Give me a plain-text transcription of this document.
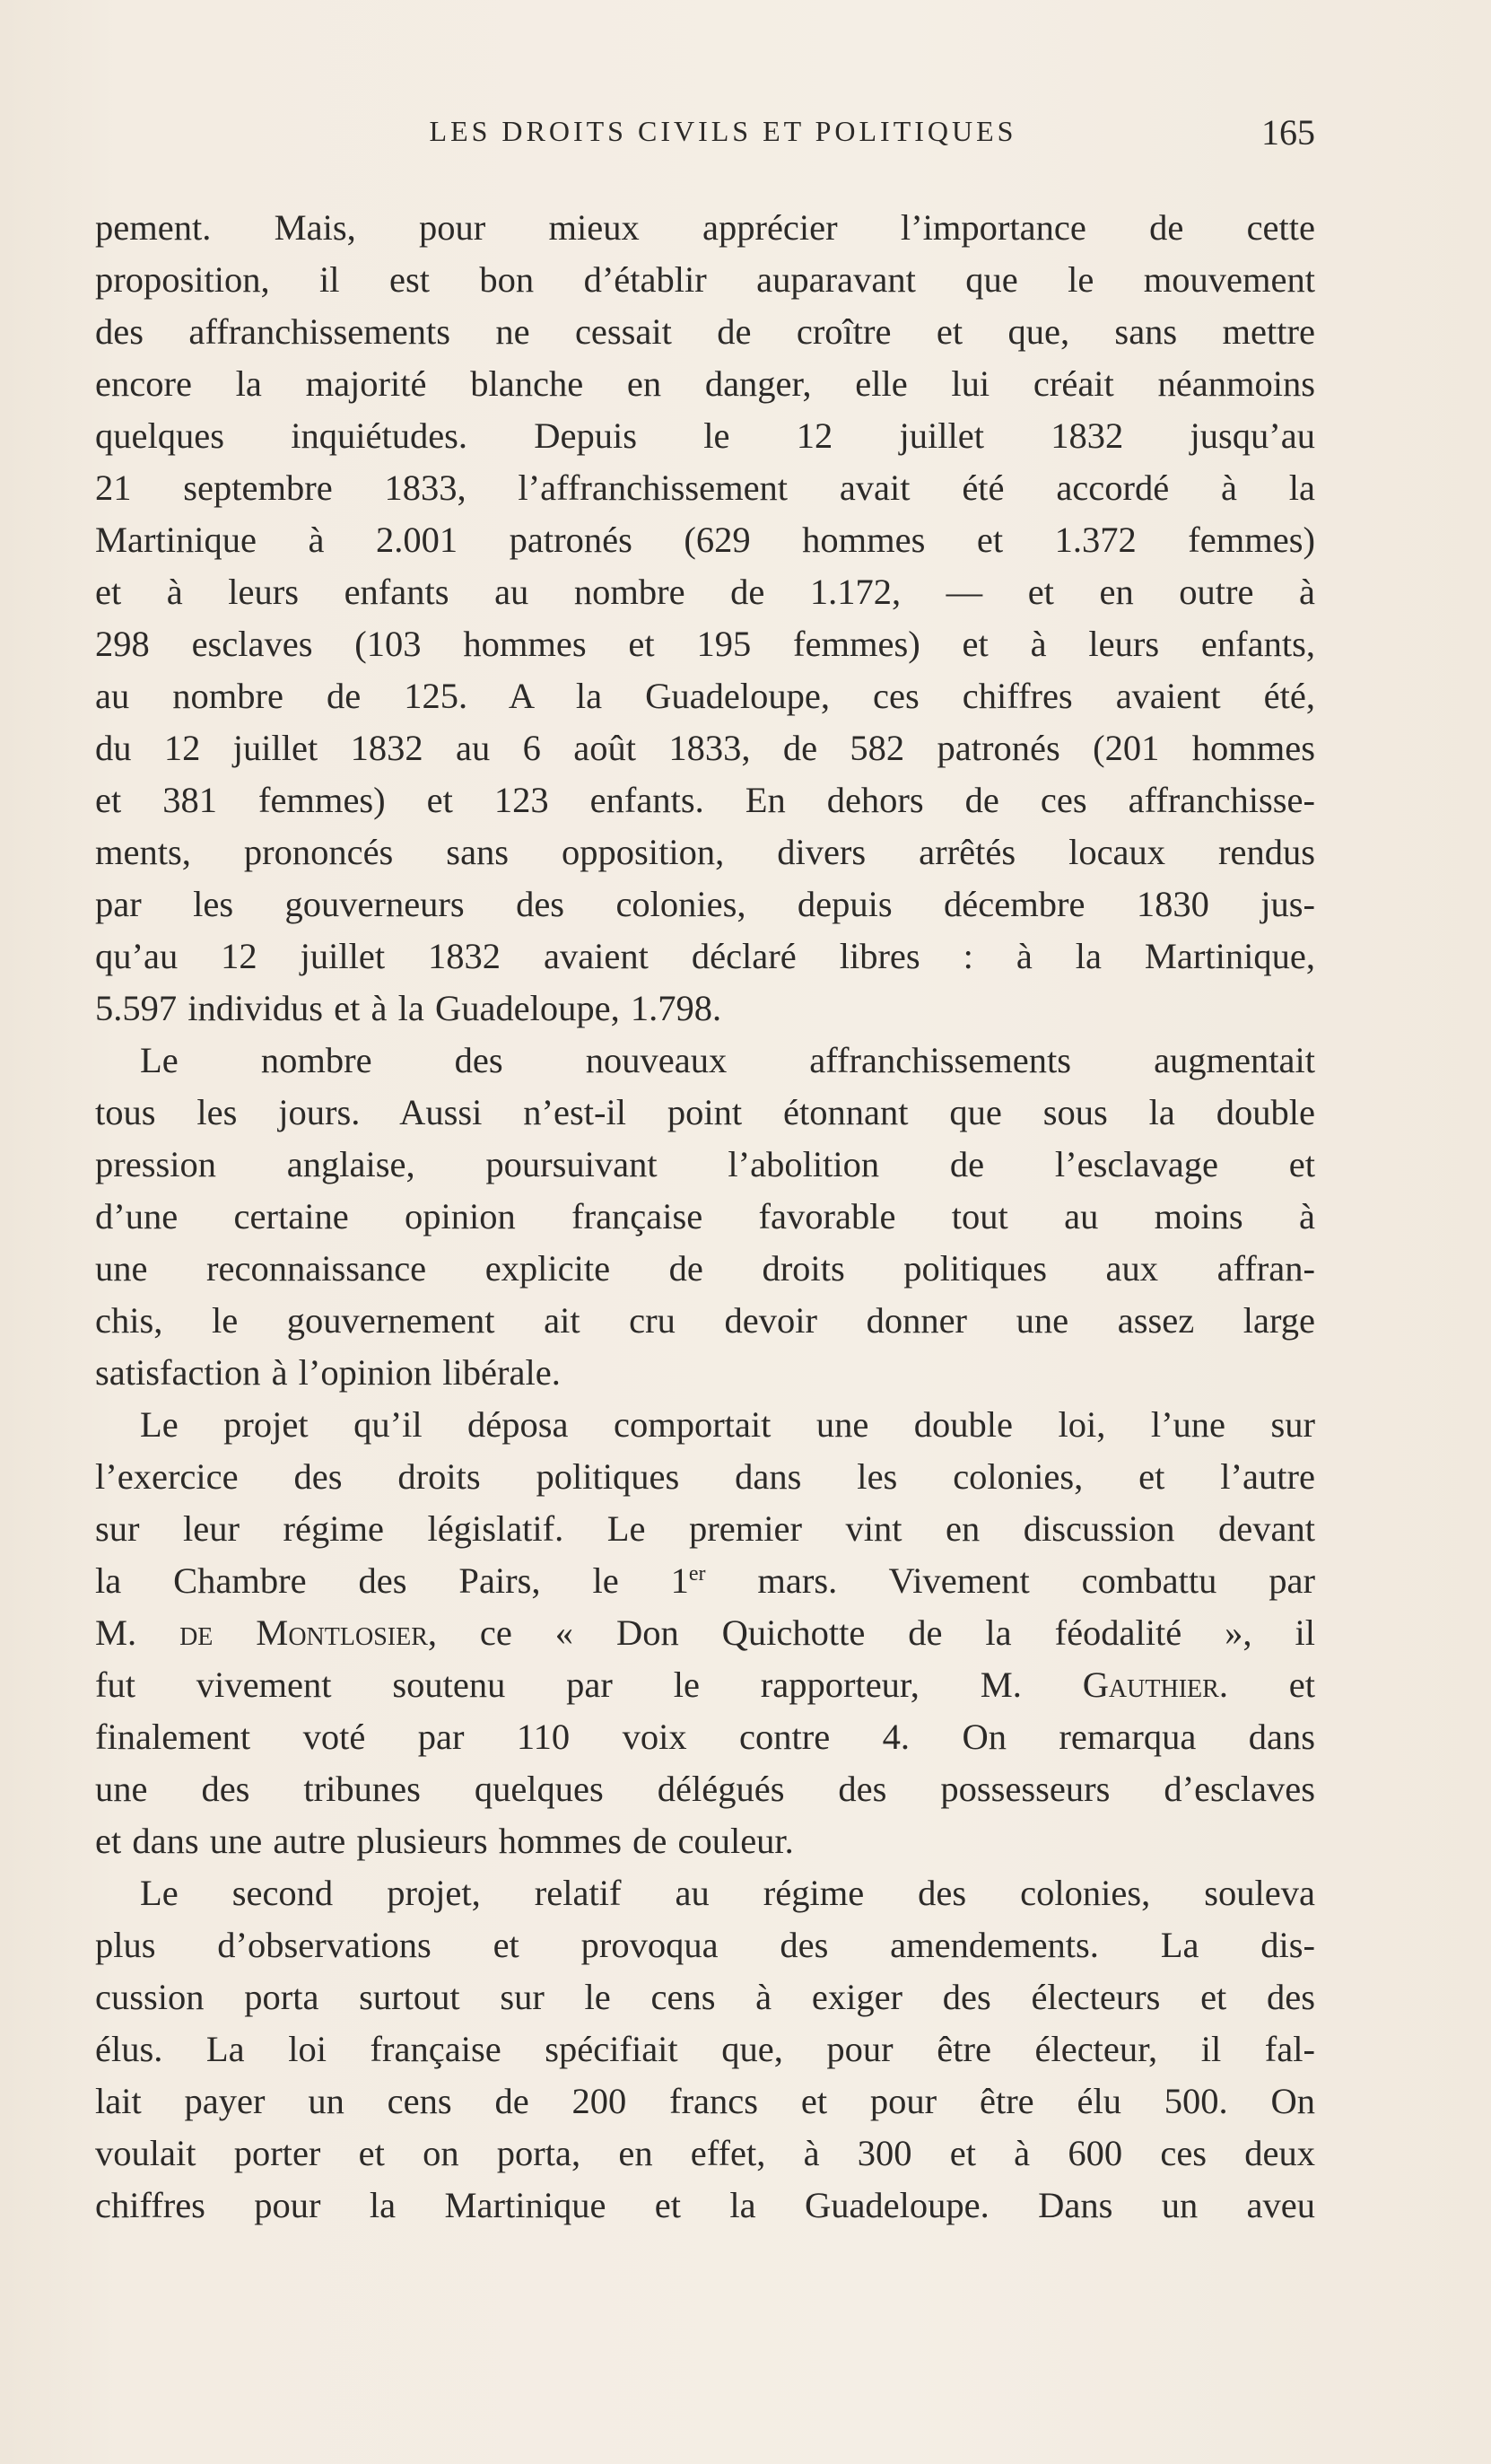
LES DROITS CIVILS ET POLITIQUES	165
pement. Mais, pour mieux apprécier l’importance de cette
proposition, il est bon d’établir auparavant que le mouvement
des affranchissements ne cessait de croître et que, sans mettre
encore la majorité blanche en danger, elle lui créait néanmoins
quelques inquiétudes. Depuis le 12 juillet 1832 jusqu’au
21 septembre 1833, l’affranchissement avait été accordé à la
Martinique à 2.001 patronés (629 hommes et 1.372 femmes)
et à leurs enfants au nombre de 1.172, — et en outre à
298 esclaves (103 hommes et 195 femmes) et à leurs enfants,
au nombre de 125. A la Guadeloupe, ces chiffres avaient été,
du 12 juillet 1832 au 6 août 1833, de 582 patronés (201 hommes
et 381 femmes) et 123 enfants. En dehors de ces affranchisse-
ments, prononcés sans opposition, divers arrêtés locaux rendus
par les gouverneurs des colonies, depuis décembre 1830 jus-
qu’au 12 juillet 1832 avaient déclaré libres : à la Martinique,
5.597 individus et à la Guadeloupe, 1.798.
Le nombre des nouveaux affranchissements augmentait
tous les jours. Aussi n’est-il point étonnant que sous la double
pression anglaise, poursuivant l’abolition de l’esclavage et
d’une certaine opinion française favorable tout au moins à
une reconnaissance explicite de droits politiques aux affran-
chis, le gouvernement ait cru devoir donner une assez large
satisfaction à l’opinion libérale.
Le projet qu’il déposa comportait une double loi, l’une sur
l’exercice des droits politiques dans les colonies, et l’autre
sur leur régime législatif. Le premier vint en discussion devant
la Chambre des Pairs, le 1er mars. Vivement combattu par
M. de Montlosier, ce « Don Quichotte de la féodalité », il
fut vivement soutenu par le rapporteur, M. Gauthier. et
finalement voté par 110 voix contre 4. On remarqua dans
une des tribunes quelques délégués des possesseurs d’esclaves
et dans une autre plusieurs hommes de couleur.
Le second projet, relatif au régime des colonies, souleva
plus d’observations et provoqua des amendements. La dis-
cussion porta surtout sur le cens à exiger des électeurs et des
élus. La loi française spécifiait que, pour être électeur, il fal-
lait payer un cens de 200 francs et pour être élu 500. On
voulait porter et on porta, en effet, à 300 et à 600 ces deux
chiffres pour la Martinique et la Guadeloupe. Dans un aveu
